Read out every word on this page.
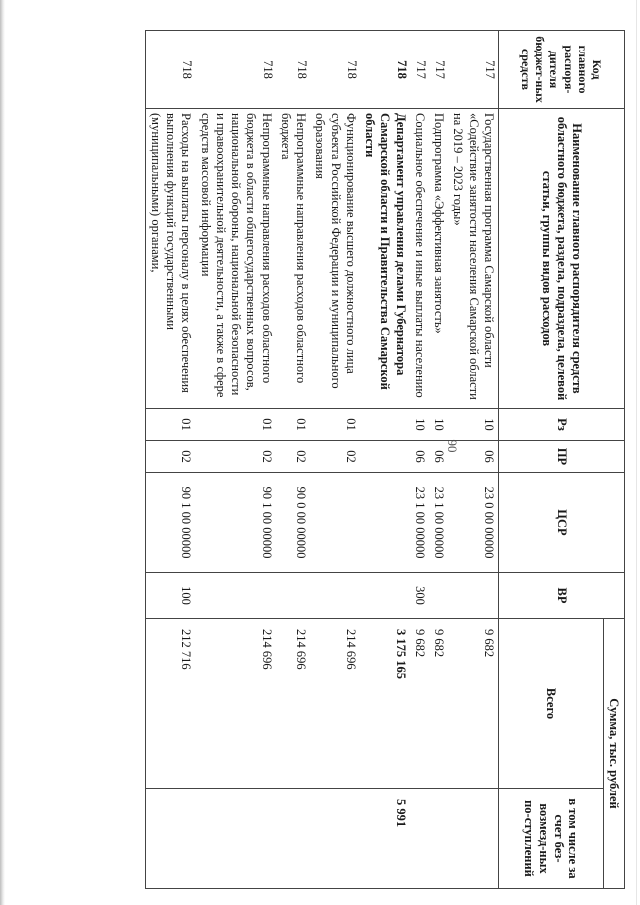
90
Код главного распоря-дителя бюджет-ных средств	Наименование главного распорядителя средств областного бюджета, раздела, подраздела, целевой статьи, группы видов расходов	Рз	ПР	ЦСР	ВР	Сумма, тыс. рублей	
						Всего	в том числе за счет без-возмезд-ных по-ступлений
717	Государственная программа Самарской области «Содействие занятости населения Самарской области на 2019 – 2023 годы»	10	06	23 0 00 00000		9 682	
717	Подпрограмма «Эффективная занятость»	10	06	23 1 00 00000		9 682	
717	Социальное обеспечение и иные выплаты населению	10	06	23 1 00 00000	300	9 682	
718	Департамент управления делами Губернатора Самарской области и Правительства Самарской области					3 175 165	5 991
718	Функционирование высшего должностного лица субъекта Российской Федерации и муниципального образования	01	02			214 696	
718	Непрограммные направления расходов областного бюджета	01	02	90 0 00 00000		214 696	
718	Непрограммные направления расходов областного бюджета в области общегосударственных вопросов, национальной обороны, национальной безопасности и правоохранительной деятельности, а также в сфере средств массовой информации	01	02	90 1 00 00000		214 696	
718	Расходы на выплаты персоналу в целях обеспечения выполнения функций государственными (муниципальными) органами,	01	02	90 1 00 00000	100	212 716	
